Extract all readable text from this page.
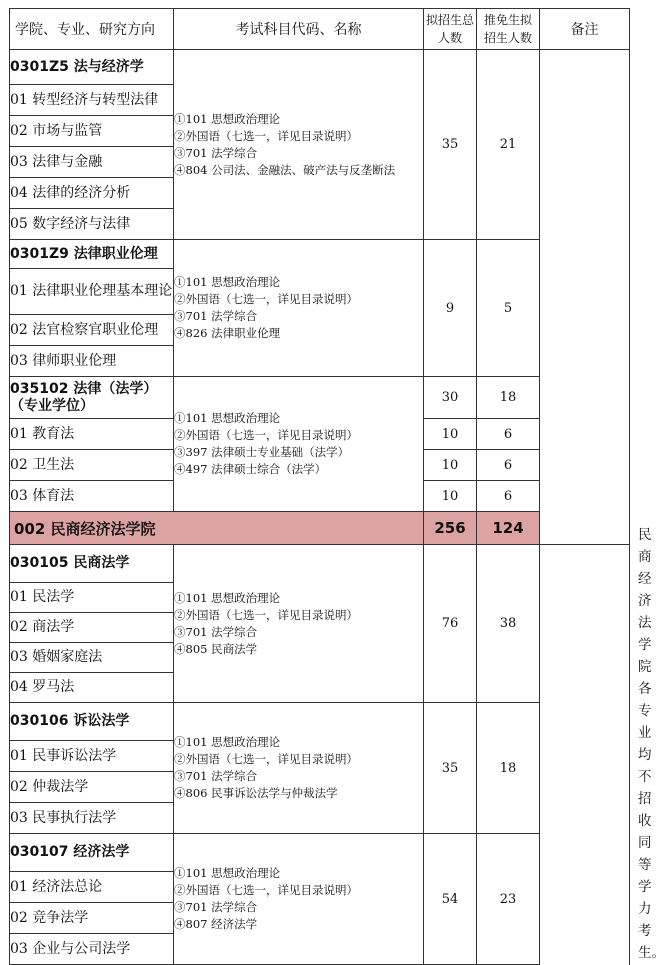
学院、专业、研究方向	考试科目代码、名称	拟招生总人数	推免生拟招生人数	备注	
0301Z5 法与经济学	①101 思想政治理论
②外国语（七选一，详见目录说明）
③701 法学综合
④804 公司法、金融法、破产法与反垄断法	35	21		
01 转型经济与转型法律					
02 市场与监管					
03 法律与金融					
04 法律的经济分析					
05 数字经济与法律					
0301Z9 法律职业伦理	①101 思想政治理论
②外国语（七选一，详见目录说明）
③701 法学综合
④826 法律职业伦理	9	5		
01 法律职业伦理基本理论					
02 法官检察官职业伦理					
03 律师职业伦理					
035102 法律（法学）（专业学位）	①101 思想政治理论
②外国语（七选一，详见目录说明）
③397 法律硕士专业基础（法学）
④497 法律硕士综合（法学）	30	18		
01 教育法		10	6		
02 卫生法		10	6		
03 体育法		10	6		
002 民商经济法学院		256	124		民商经济法学院各专业均不招收同等学力考生。

030105 民商法学	①101 思想政治理论
②外国语（七选一，详见目录说明）
③701 法学综合
④805 民商法学	76	38		
01 民法学					
02 商法学					
03 婚姻家庭法					
04 罗马法					
030106 诉讼法学	①101 思想政治理论
②外国语（七选一，详见目录说明）
③701 法学综合
④806 民事诉讼法学与仲裁法学	35	18		
01 民事诉讼法学					
02 仲裁法学					
03 民事执行法学					
030107 经济法学	①101 思想政治理论
②外国语（七选一，详见目录说明）
③701 法学综合
④807 经济法学	54	23		
01 经济法总论					
02 竞争法学					
03 企业与公司法学					
